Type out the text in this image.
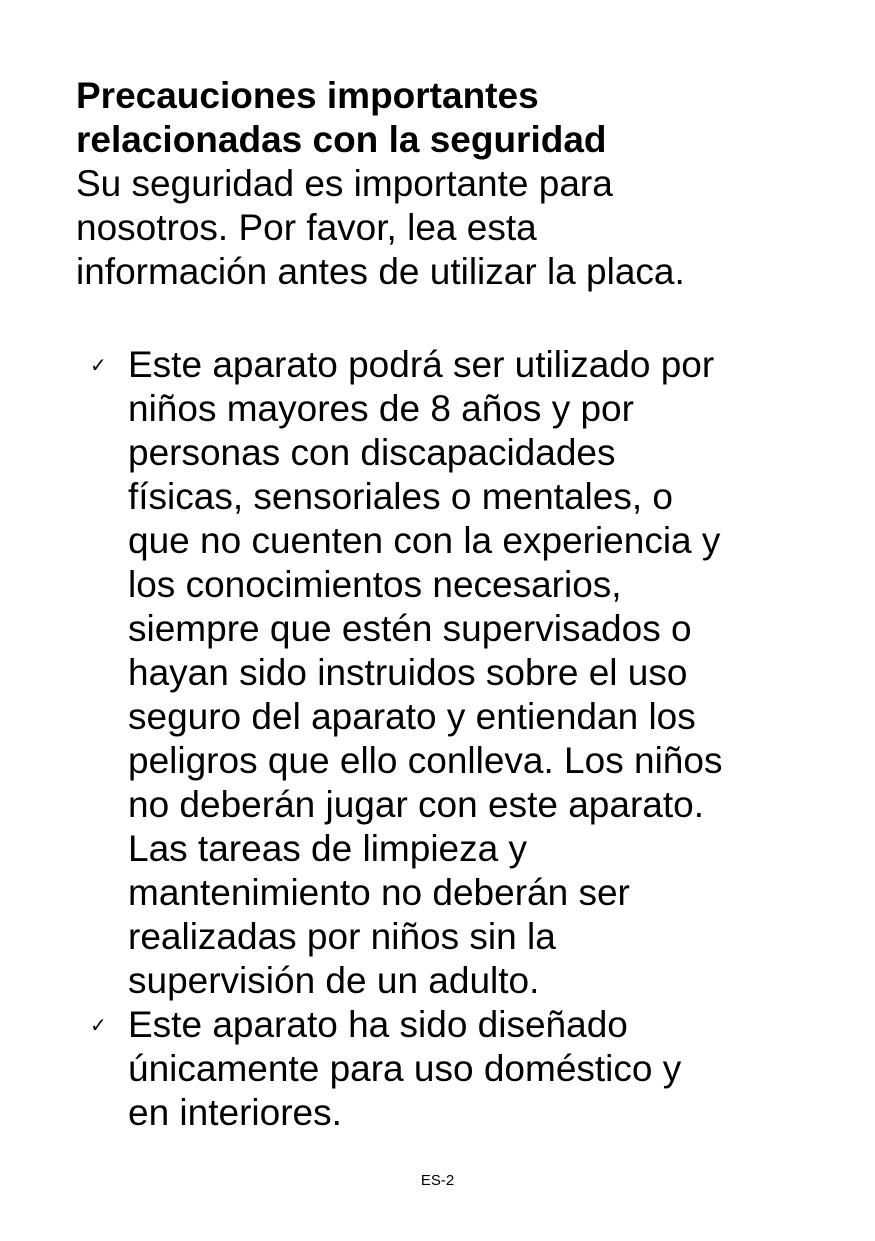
Precauciones importantes

relacionadas con la seguridad

Su seguridad es importante para

nosotros. Por favor, lea esta

información antes de utilizar la placa.

✓ Este aparato podrá ser utilizado por

niños mayores de 8 años y por

personas con discapacidades

físicas, sensoriales o mentales, o

que no cuenten con la experiencia y

los conocimientos necesarios,

siempre que estén supervisados o

hayan sido instruidos sobre el uso

seguro del aparato y entiendan los

peligros que ello conlleva. Los niños

no deberán jugar con este aparato.

Las tareas de limpieza y

mantenimiento no deberán ser

realizadas por niños sin la

supervisión de un adulto.

✓ Este aparato ha sido diseñado

únicamente para uso doméstico y

en interiores.

ES-2
